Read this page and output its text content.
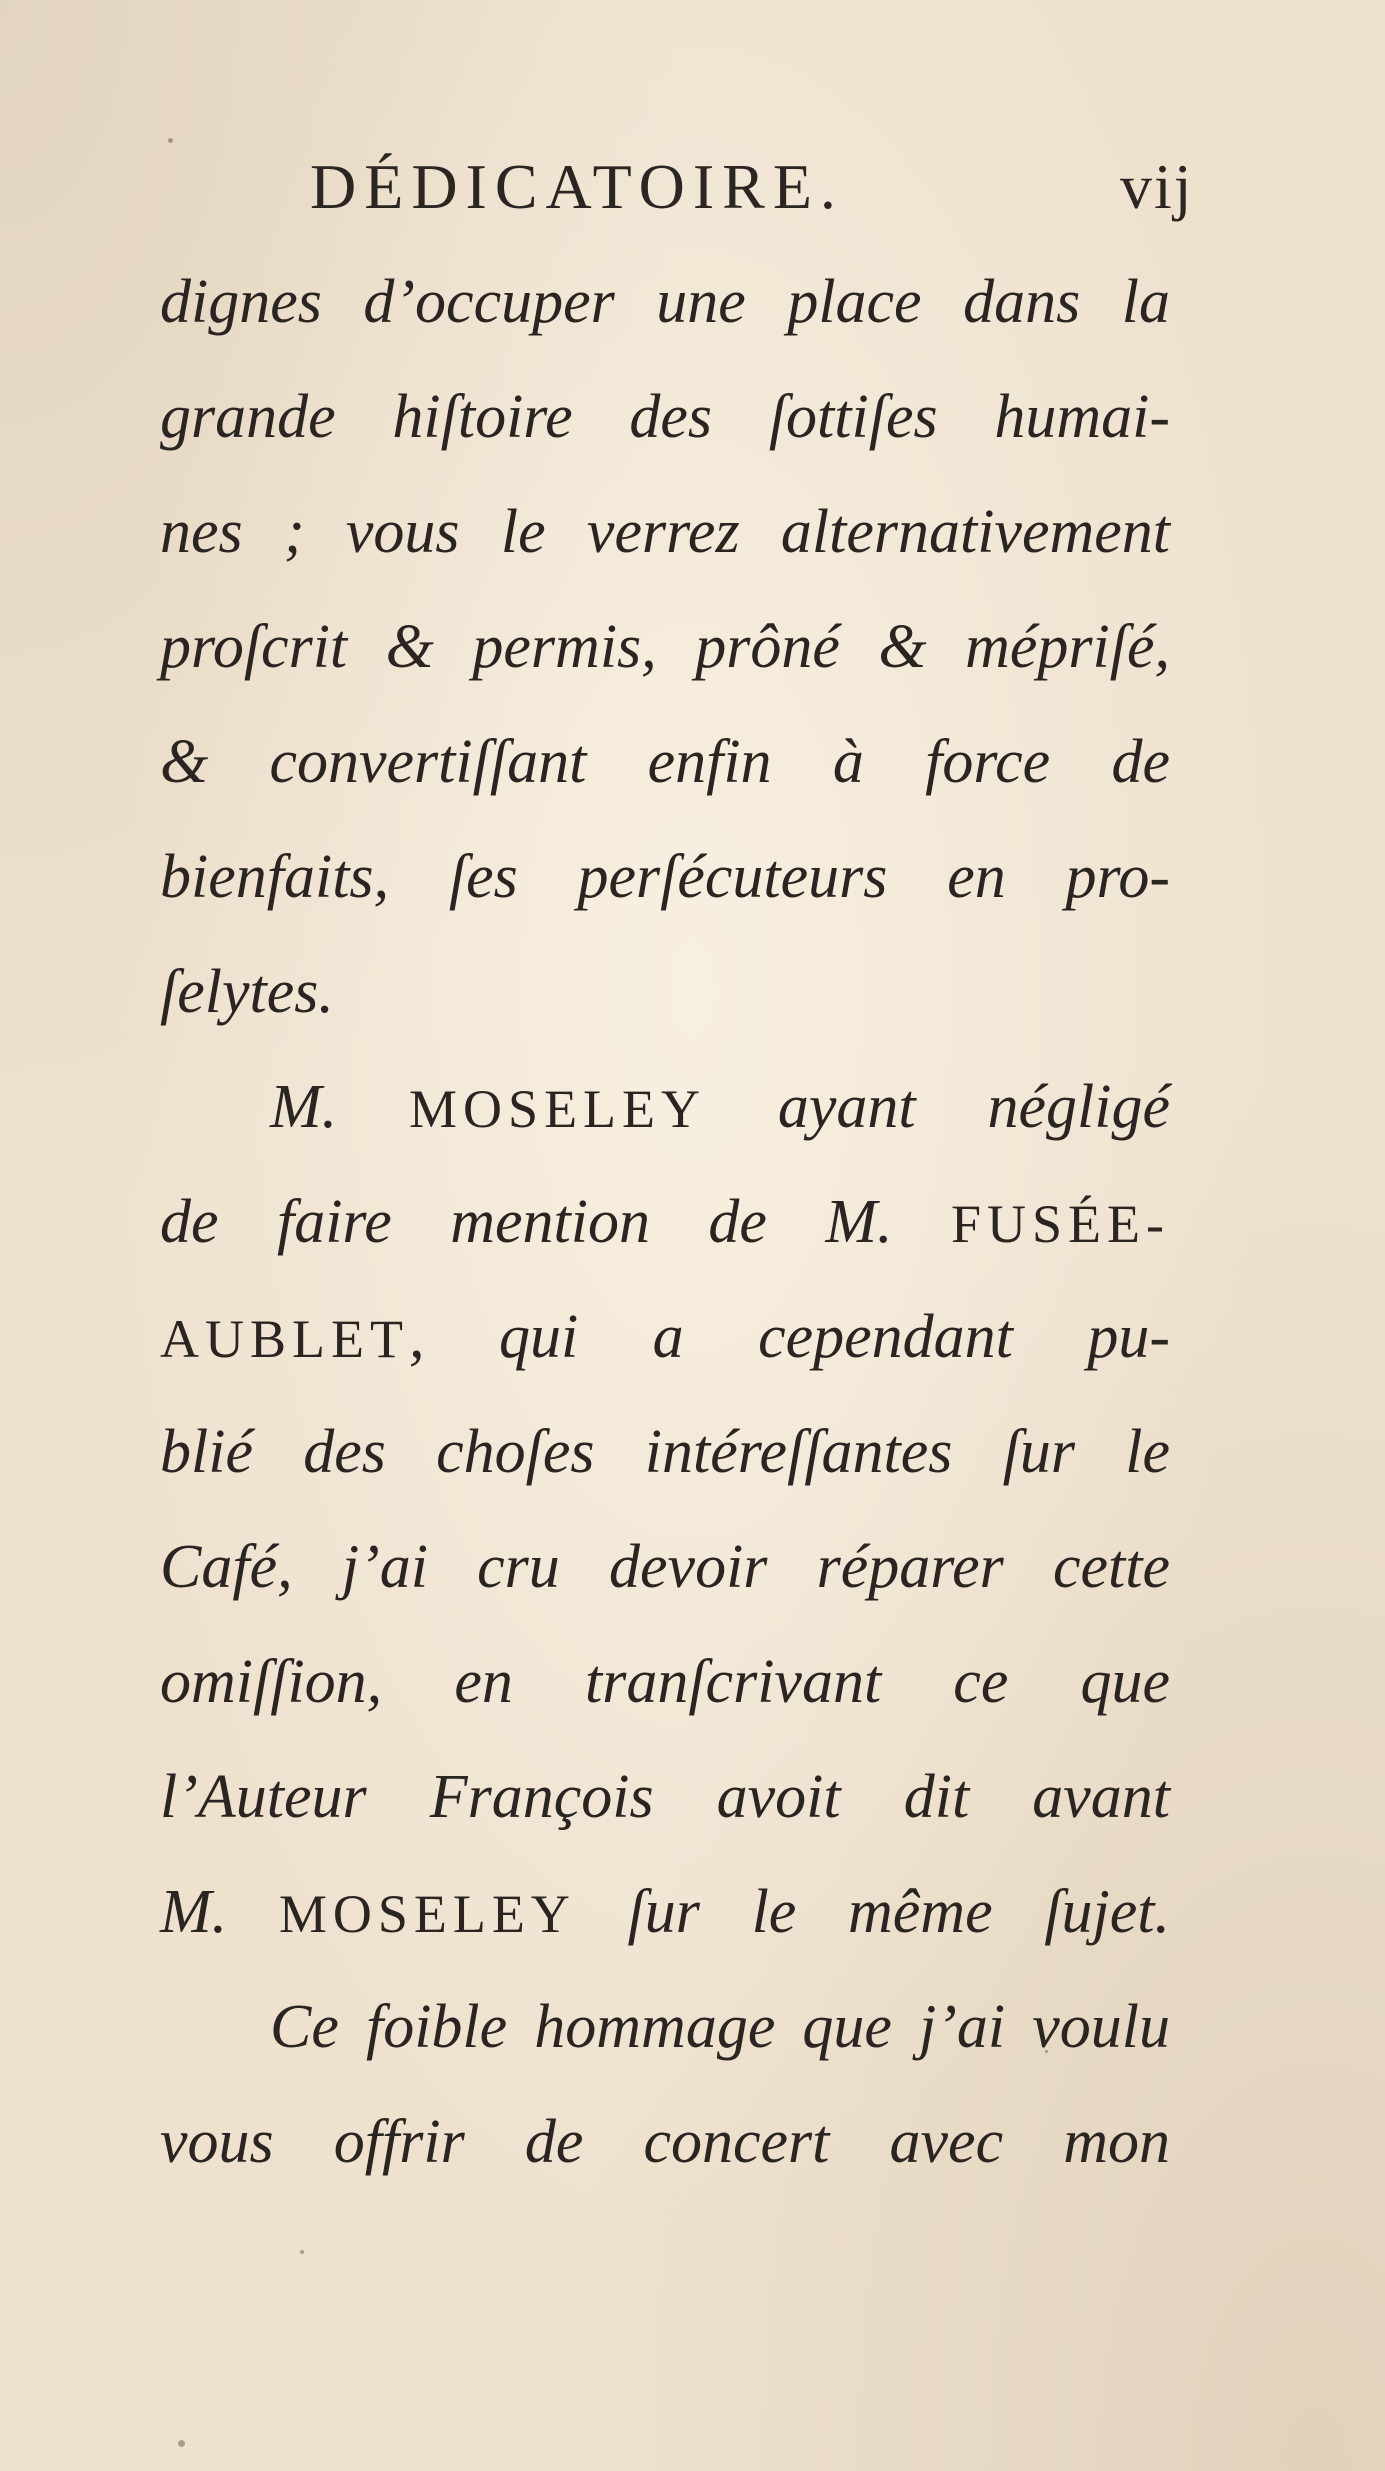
DÉDICATOIRE.	vij
dignes d’occuper une place dans la
grande hiſtoire des ſottiſes humai-
nes ; vous le verrez alternativement
proſcrit & permis, prôné & mépriſé,
& convertiſſant enfin à force de
bienfaits, ſes perſécuteurs en pro-
ſelytes.
M. MOSELEY ayant négligé
de faire mention de M. FUSÉE-
AUBLET, qui a cependant pu-
blié des choſes intéreſſantes ſur le
Café, j’ai cru devoir réparer cette
omiſſion, en tranſcrivant ce que
l’Auteur François avoit dit avant
M. MOSELEY ſur le même ſujet.
Ce foible hommage que j’ai voulu
vous offrir de concert avec mon
